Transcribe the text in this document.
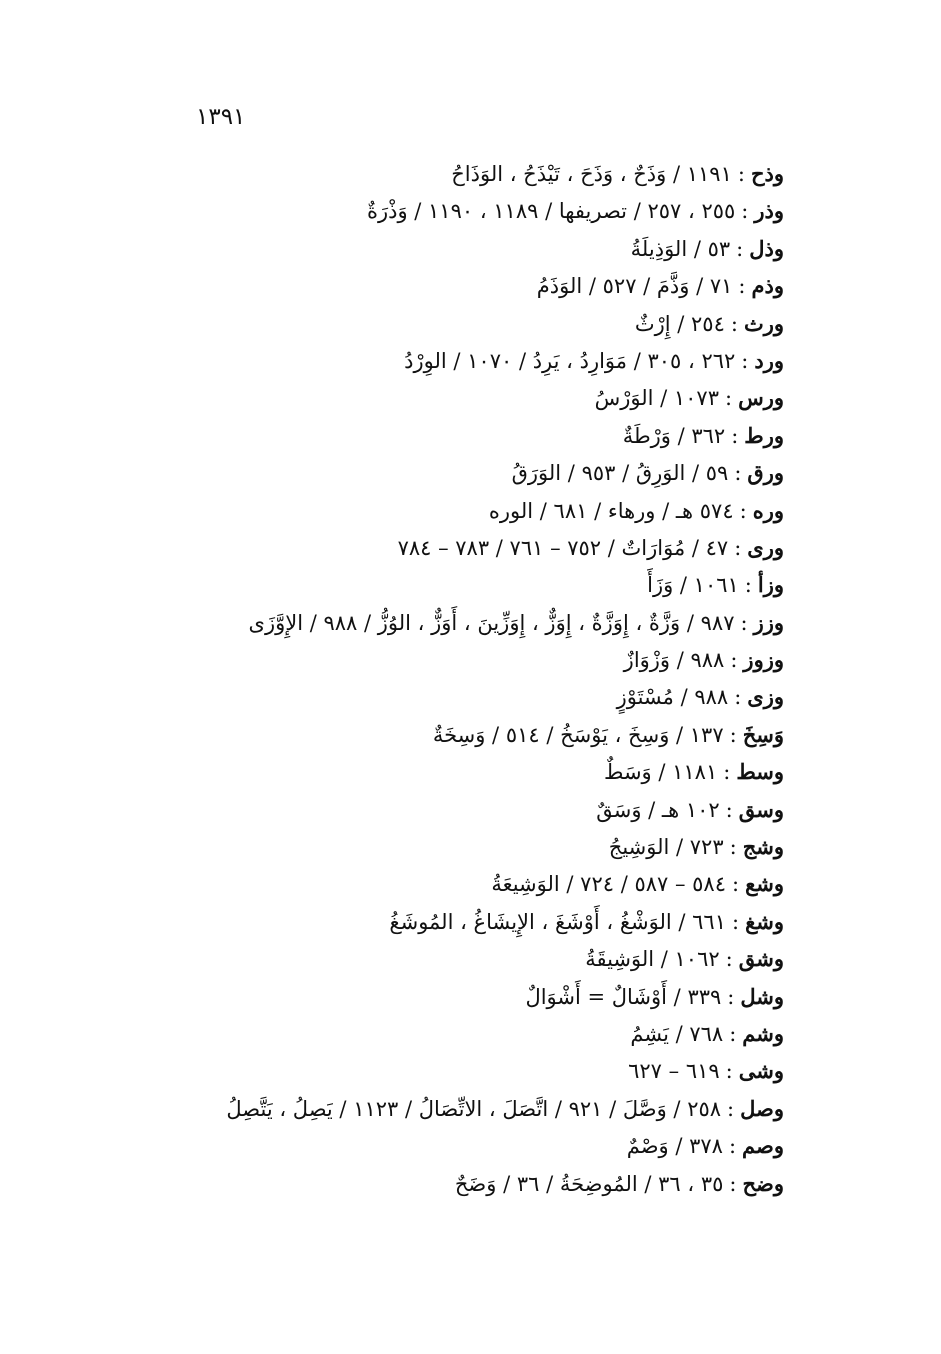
١٣٩١
وذح:١١٩١ / وَذَحٌ ، وَذَحَ ، تَيْذَحُ ، الوَذَاحُ
وذر:٢٥٥ ، ٢٥٧ / تصريفها / ١١٨٩ ، ١١٩٠ / وَذْرَةٌ
وذل:٥٣ / الوَذِيلَةُ
وذم:٧١ / وَذَّمَ / ٥٢٧ / الوَذَمُ
ورث:٢٥٤ / إِرْثٌ
ورد:٢٦٢ ، ٣٠٥ / مَوَارِدُ ، يَرِدُ / ١٠٧٠ / الوِرْدُ
ورس:١٠٧٣ / الوَرْسُ
ورط:٣٦٢ / وَرْطَةٌ
ورق:٥٩ / الوَرِقُ / ٩٥٣ / الوَرَقُ
وره:٥٧٤ هـ / ورهاء / ٦٨١ / الوره
ورى:٤٧ / مُوَارَاتٌ / ٧٥٢ – ٧٦١ / ٧٨٣ – ٧٨٤
وزأ:١٠٦١ / وَزَأَ
وزز:٩٨٧ / وَزَّةٌ ، إِوَزَّةٌ ، إِوَزٌّ ، إِوَزِّينَ ، أَوَزٌّ ، الوُزُّ / ٩٨٨ / الإِوَّزَى
وزوز:٩٨٨ / وَزْوَازٌ
وزى:٩٨٨ / مُسْتَوْزٍ
وَسِخَ:١٣٧ / وَسِخَ ، يَوْسَخُ / ٥١٤ / وَسِخَةٌ
وسط:١١٨١ / وَسَطٌ
وسق:١٠٢ هـ / وَسَقٌ
وشج:٧٢٣ / الوَشِيجُ
وشع:٥٨٤ – ٥٨٧ / ٧٢٤ / الوَشِيعَةُ
وشغ:٦٦١ / الوَشْغُ ، أَوْشَغَ ، الإِيشَاغُ ، المُوشَغُ
وشق:١٠٦٢ / الوَشِيقَةُ
وشل:٣٣٩ / أَوْشَالٌ = أَشْوَالٌ
وشم:٧٦٨ / يَشِمُ
وشى:٦١٩ – ٦٢٧
وصل:٢٥٨ / وَصَّلَ / ٩٢١ / اتَّصَلَ ، الاتِّصَالُ / ١١٢٣ / يَصِلُ ، يَتَّصِلُ
وصم:٣٧٨ / وَصْمٌ
وضح:٣٥ ، ٣٦ / المُوضِحَةُ / ٣٦ / وَضَحٌ
